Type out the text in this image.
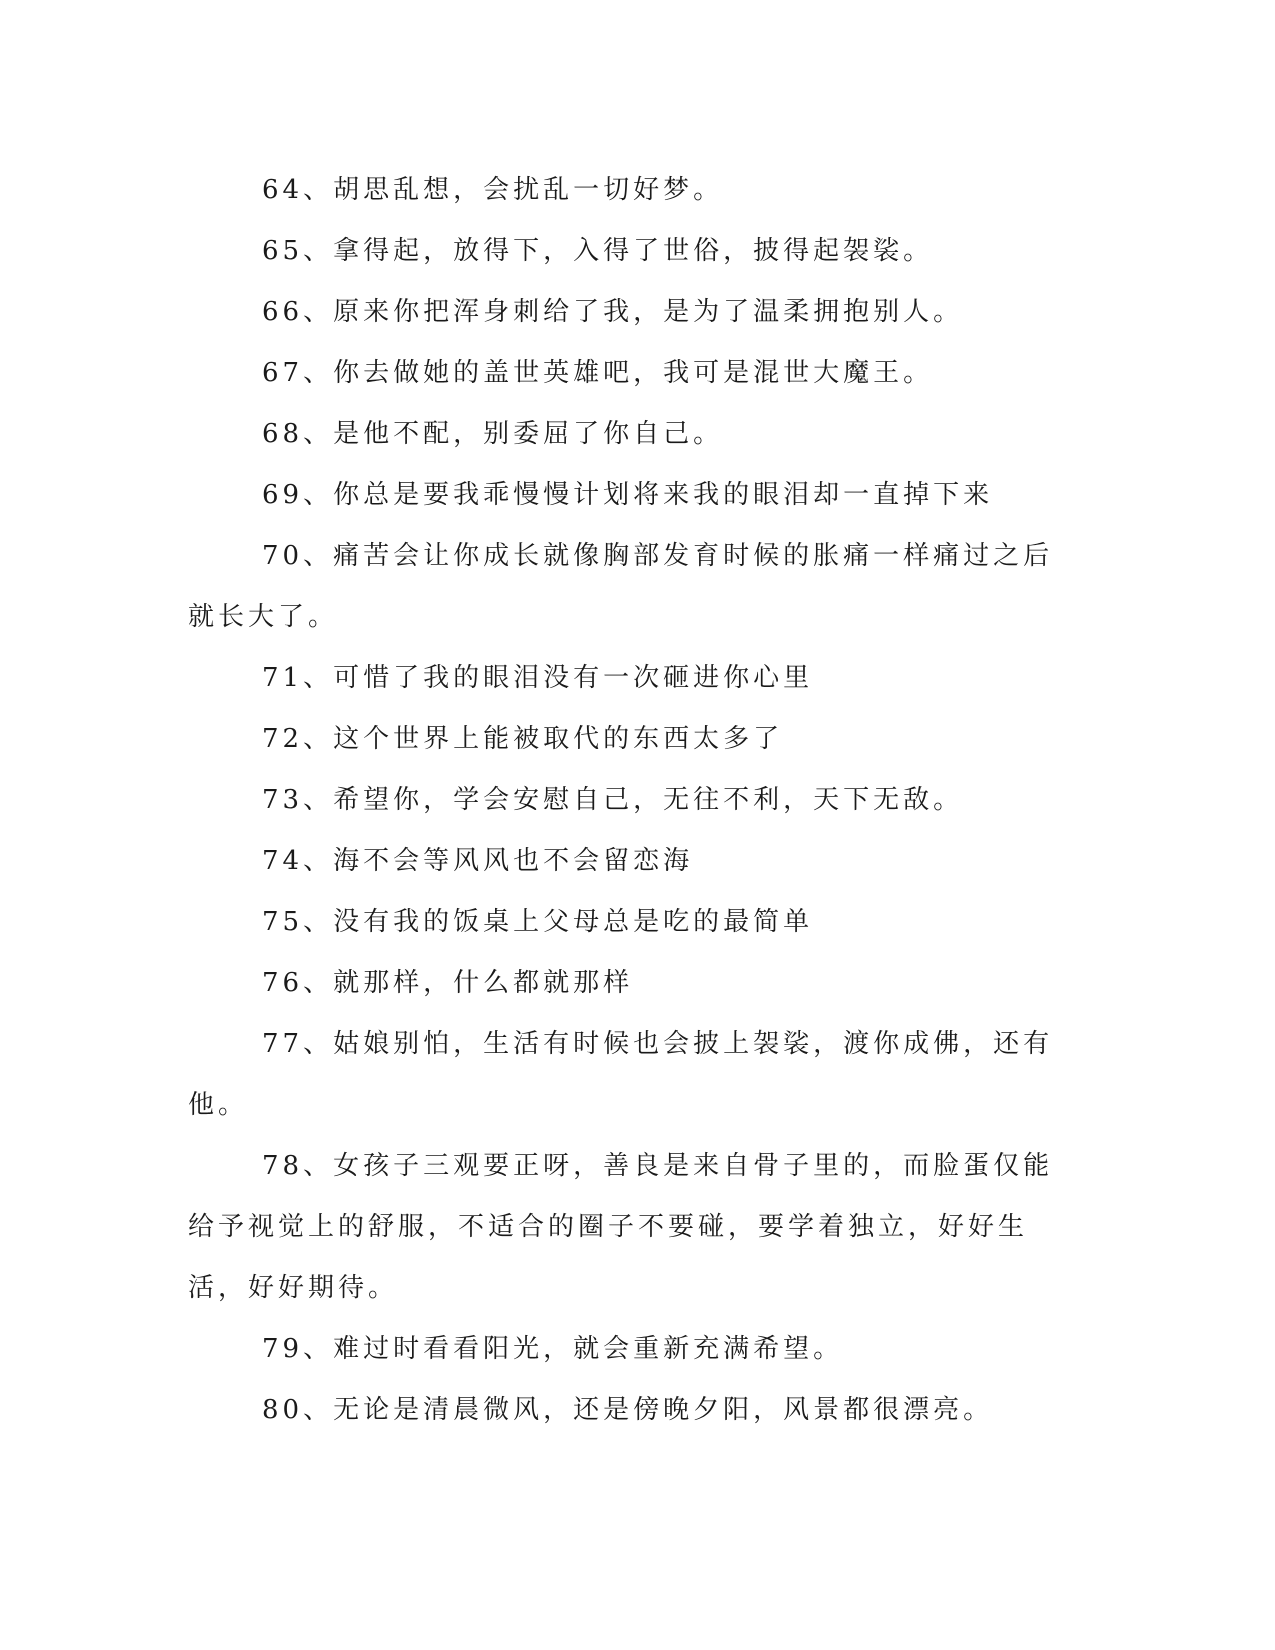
64、胡思乱想，会扰乱一切好梦。

65、拿得起，放得下，入得了世俗，披得起袈裟。

66、原来你把浑身刺给了我，是为了温柔拥抱别人。

67、你去做她的盖世英雄吧，我可是混世大魔王。

68、是他不配，别委屈了你自己。

69、你总是要我乖慢慢计划将来我的眼泪却一直掉下来

70、痛苦会让你成长就像胸部发育时候的胀痛一样痛过之后就长大了。

71、可惜了我的眼泪没有一次砸进你心里

72、这个世界上能被取代的东西太多了

73、希望你，学会安慰自己，无往不利，天下无敌。

74、海不会等风风也不会留恋海

75、没有我的饭桌上父母总是吃的最简单

76、就那样，什么都就那样

77、姑娘别怕，生活有时候也会披上袈裟，渡你成佛，还有他。

78、女孩子三观要正呀，善良是来自骨子里的，而脸蛋仅能给予视觉上的舒服，不适合的圈子不要碰，要学着独立，好好生活，好好期待。

79、难过时看看阳光，就会重新充满希望。

80、无论是清晨微风，还是傍晚夕阳，风景都很漂亮。
